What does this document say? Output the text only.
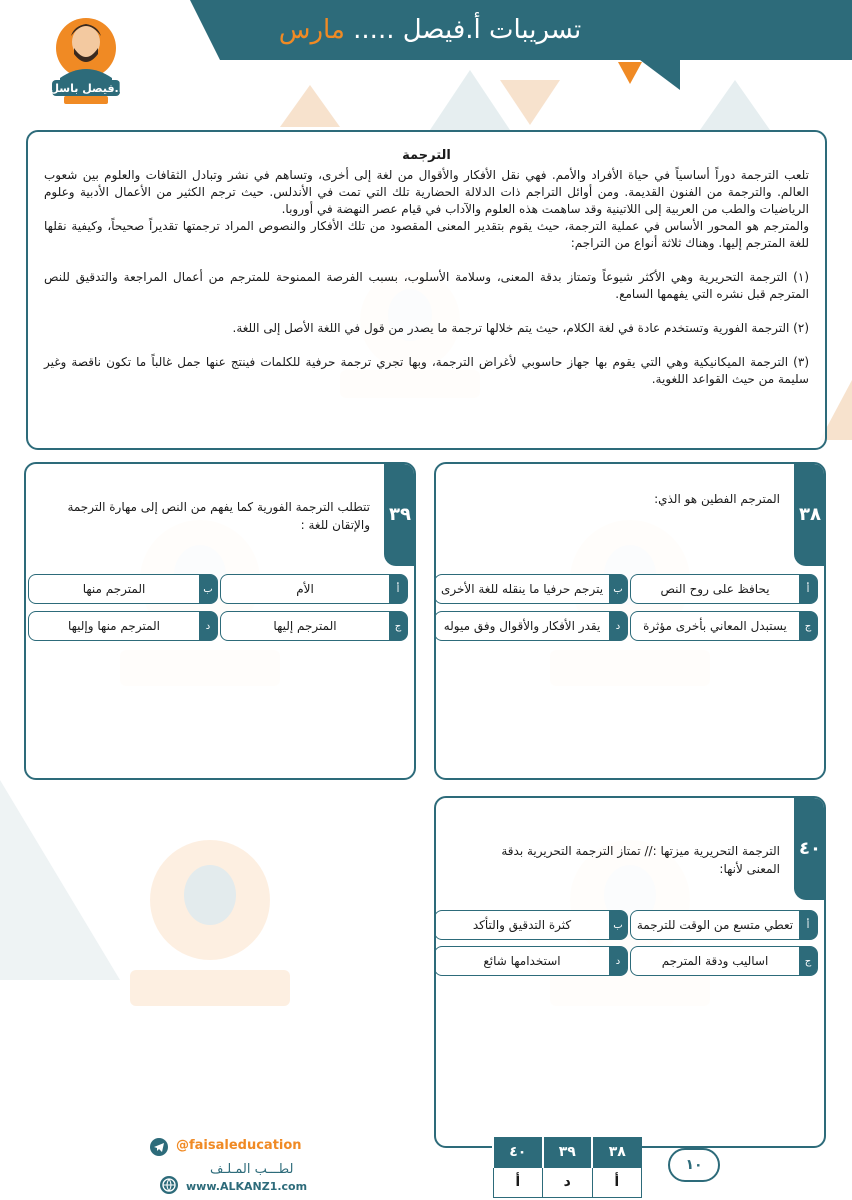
تسريبات أ.فيصل ..... مارس
أ.فيصل باسل
الترجمة

تلعب الترجمة دوراً أساسياً في حياة الأفراد والأمم. فهي نقل الأفكار والأقوال من لغة إلى أخرى، وتساهم في نشر وتبادل الثقافات والعلوم بين شعوب العالم. والترجمة من الفنون القديمة. ومن أوائل التراجم ذات الدلالة الحضارية تلك التي تمت في الأندلس. حيث ترجم الكثير من الأعمال الأدبية وعلوم الرياضيات والطب من العربية إلى اللاتينية وقد ساهمت هذه العلوم والآداب في قيام عصر النهضة في أوروبا.

والمترجم هو المحور الأساس في عملية الترجمة، حيث يقوم بتقدير المعنى المقصود من تلك الأفكار والنصوص المراد ترجمتها تقديراً صحيحاً، وكيفية نقلها للغة المترجم إليها. وهناك ثلاثة أنواع من التراجم:

(١) الترجمة التحريرية وهي الأكثر شيوعاً وتمتاز بدقة المعنى، وسلامة الأسلوب، بسبب الفرصة الممنوحة للمترجم من أعمال المراجعة والتدقيق للنص المترجم قبل نشره التي يفهمها السامع.

(٢) الترجمة الفورية وتستخدم عادة في لغة الكلام، حيث يتم خلالها ترجمة ما يصدر من قول في اللغة الأصل إلى اللغة.

(٣) الترجمة الميكانيكية وهي التي يقوم بها جهاز حاسوبي لأغراض الترجمة، وبها تجري ترجمة حرفية للكلمات فينتج عنها جمل غالباً ما تكون ناقصة وغير سليمة من حيث القواعد اللغوية.

٣٨
المترجم الفطين هو الذي:
أ
يحافظ على روح النص
ب
يترجم حرفيا ما ينقله للغة الأخرى
ج
يستبدل المعاني بأخرى مؤثرة
د
يقدر الأفكار والأقوال وفق ميوله
٣٩
تتطلب الترجمة الفورية كما يفهم من النص إلى مهارة الترجمة والإتقان للغة :
أ
الأم
ب
المترجم منها
ج
المترجم إليها
د
المترجم منها وإليها
٤٠
الترجمة التحريرية ميزتها :// تمتاز الترجمة التحريرية بدقة المعنى لأنها:
أ
تعطي متسع من الوقت للترجمة
ب
كثرة التدقيق والتأكد
ج
اساليب ودقة المترجم
د
استخدامها شائع
@faisaleducation
لطـــب المـلـف
www.ALKANZ1.com
٣٨	٣٩	٤٠
أ	د	أ
١٠
